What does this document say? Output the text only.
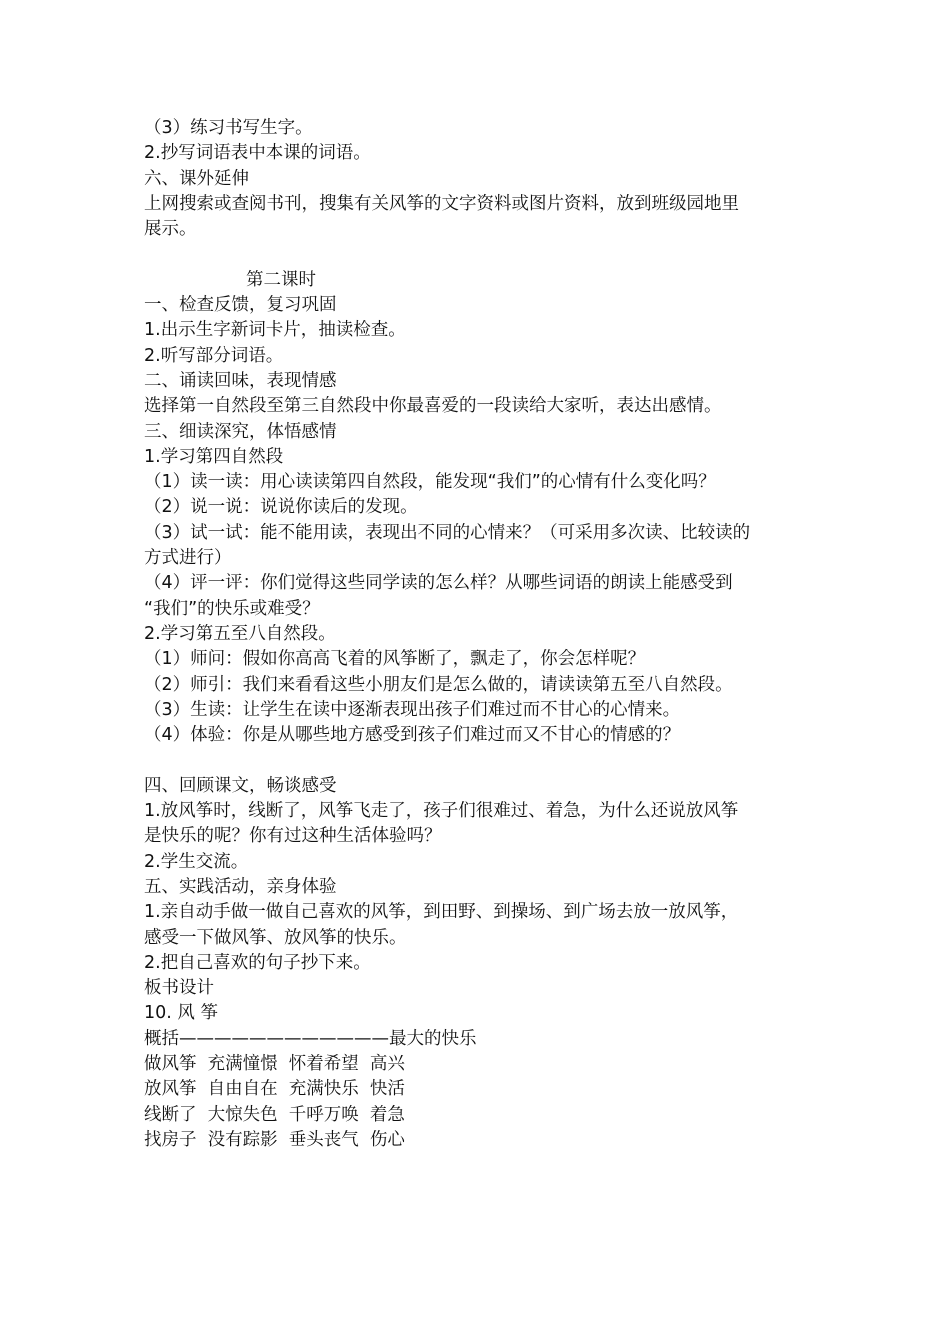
（3）练习书写生字。
2.抄写词语表中本课的词语。
六、课外延伸
上网搜索或查阅书刊，搜集有关风筝的文字资料或图片资料，放到班级园地里
展示。
第二课时
一、检查反馈，复习巩固
1.出示生字新词卡片，抽读检查。
2.听写部分词语。
二、诵读回味，表现情感
选择第一自然段至第三自然段中你最喜爱的一段读给大家听，表达出感情。
三、细读深究，体悟感情
1.学习第四自然段
（1）读一读：用心读读第四自然段，能发现“我们”的心情有什么变化吗？
（2）说一说：说说你读后的发现。
（3）试一试：能不能用读，表现出不同的心情来？（可采用多次读、比较读的
方式进行）
（4）评一评：你们觉得这些同学读的怎么样？从哪些词语的朗读上能感受到
“我们”的快乐或难受？
2.学习第五至八自然段。
（1）师问：假如你高高飞着的风筝断了，飘走了，你会怎样呢？
（2）师引：我们来看看这些小朋友们是怎么做的，请读读第五至八自然段。
（3）生读：让学生在读中逐渐表现出孩子们难过而不甘心的心情来。
（4）体验：你是从哪些地方感受到孩子们难过而又不甘心的情感的？
四、回顾课文，畅谈感受
1.放风筝时，线断了，风筝飞走了，孩子们很难过、着急，为什么还说放风筝
是快乐的呢？你有过这种生活体验吗？
2.学生交流。
五、实践活动，亲身体验
1.亲自动手做一做自己喜欢的风筝，到田野、到操场、到广场去放一放风筝，
感受一下做风筝、放风筝的快乐。
2.把自己喜欢的句子抄下来。
板书设计
10. 风 筝
概括————————————最大的快乐
做风筝  充满憧憬  怀着希望  高兴
放风筝  自由自在  充满快乐  快活
线断了  大惊失色  千呼万唤  着急
找房子  没有踪影  垂头丧气  伤心
